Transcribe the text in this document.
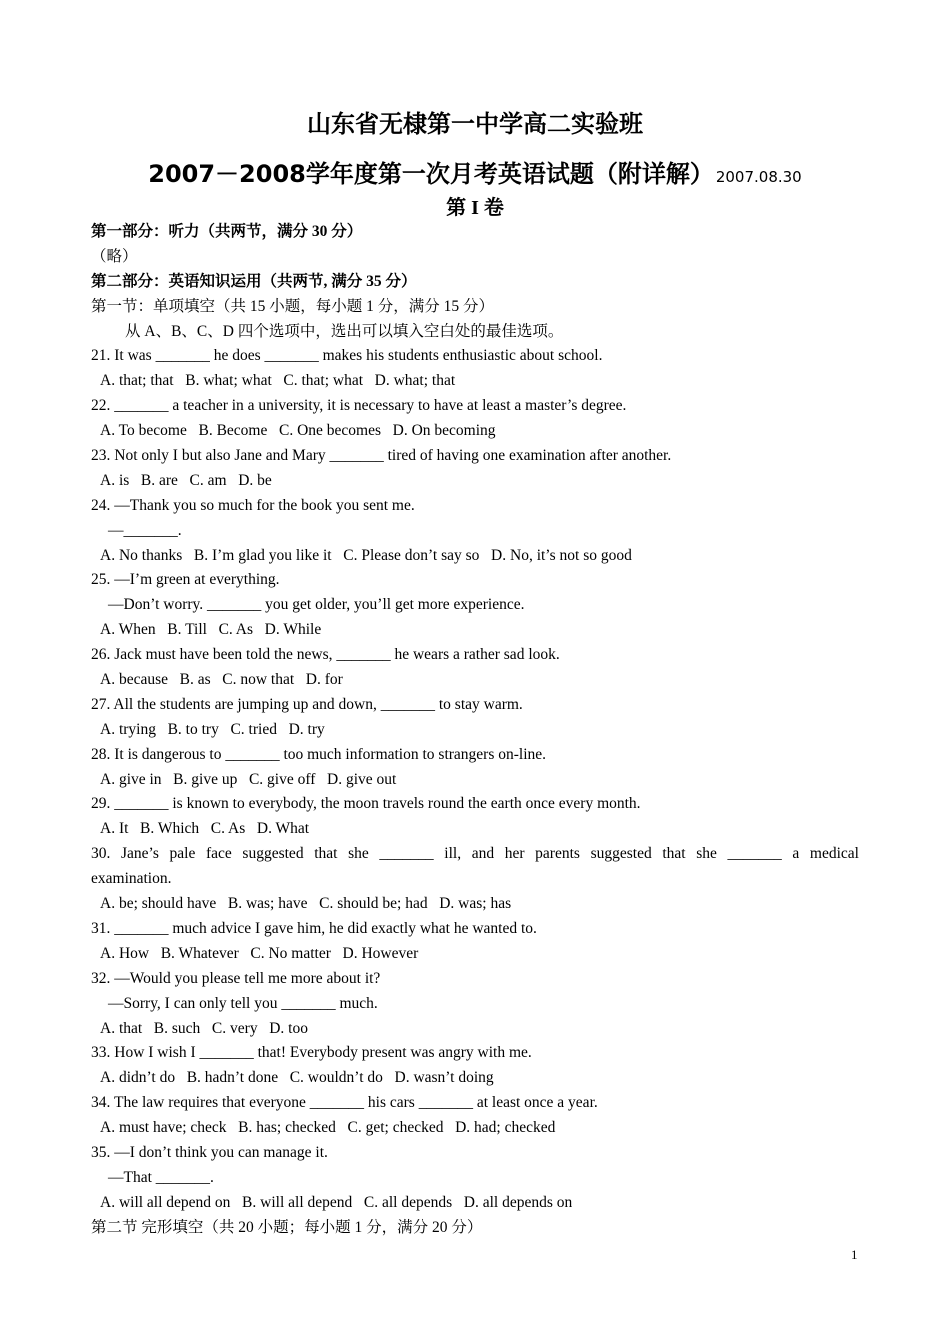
山东省无棣第一中学高二实验班
2007－2008学年度第一次月考英语试题（附详解） 2007.08.30
第 I 卷
第一部分：听力（共两节，满分 30 分）
（略）
第二部分：英语知识运用（共两节, 满分 35 分）
第一节：单项填空（共 15 小题，每小题 1 分，满分 15 分）
从 A、B、C、D 四个选项中，选出可以填入空白处的最佳选项。
21. It was _______ he does _______ makes his students enthusiastic about school.
A. that; that   B. what; what   C. that; what   D. what; that
22. _______ a teacher in a university, it is necessary to have at least a master’s degree.
A. To become   B. Become   C. One becomes   D. On becoming
23. Not only I but also Jane and Mary _______ tired of having one examination after another.
A. is   B. are   C. am   D. be
24. —Thank you so much for the book you sent me.
—_______.
A. No thanks   B. I’m glad you like it   C. Please don’t say so   D. No, it’s not so good
25. —I’m green at everything.
—Don’t worry. _______ you get older, you’ll get more experience.
A. When   B. Till   C. As   D. While
26. Jack must have been told the news, _______ he wears a rather sad look.
A. because   B. as   C. now that   D. for
27. All the students are jumping up and down, _______ to stay warm.
A. trying   B. to try   C. tried   D. try
28. It is dangerous to _______ too much information to strangers on-line.
A. give in   B. give up   C. give off   D. give out
29. _______ is known to everybody, the moon travels round the earth once every month.
A. It   B. Which   C. As   D. What
30. Jane’s pale face suggested that she _______ ill, and her parents suggested that she _______ a medical
examination.
A. be; should have   B. was; have   C. should be; had   D. was; has
31. _______ much advice I gave him, he did exactly what he wanted to.
A. How   B. Whatever   C. No matter   D. However
32. —Would you please tell me more about it?
—Sorry, I can only tell you _______ much.
A. that   B. such   C. very   D. too
33. How I wish I _______ that! Everybody present was angry with me.
A. didn’t do   B. hadn’t done   C. wouldn’t do   D. wasn’t doing
34. The law requires that everyone _______ his cars _______ at least once a year.
A. must have; check   B. has; checked   C. get; checked   D. had; checked
35. —I don’t think you can manage it.
—That _______.
A. will all depend on   B. will all depend   C. all depends   D. all depends on
第二节 完形填空（共 20 小题；每小题 1 分，满分 20 分）
1
